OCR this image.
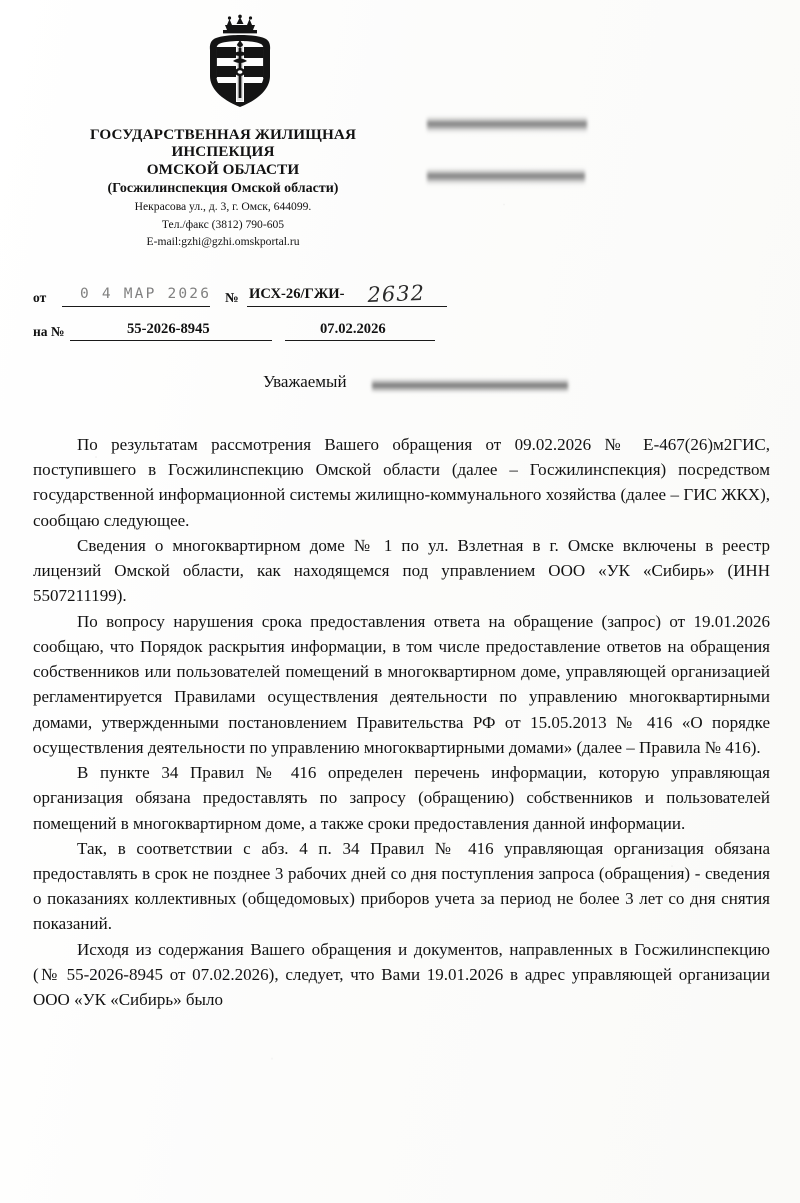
ГОСУДАРСТВЕННАЯ ЖИЛИЩНАЯ
ИНСПЕКЦИЯ
ОМСКОЙ ОБЛАСТИ
(Госжилинспекция Омской области)
Некрасова ул., д. 3, г. Омск, 644099.
Тел./факс (3812) 790-605
E-mail:gzhi@gzhi.omskportal.ru
от 0 4 МАР 2026 № ИСХ-26/ГЖИ- 2632
на №	55-2026-8945	07.02.2026
Уважаемый

По результатам рассмотрения Вашего обращения от 09.02.2026 № Е-467(26)м2ГИС, поступившего в Госжилинспекцию Омской области (далее – Госжилинспекция) посредством государственной информационной системы жилищно-коммунального хозяйства (далее – ГИС ЖКХ), сообщаю следующее.

Сведения о многоквартирном доме № 1 по ул. Взлетная в г. Омске включены в реестр лицензий Омской области, как находящемся под управлением ООО «УК «Сибирь» (ИНН 5507211199).

По вопросу нарушения срока предоставления ответа на обращение (запрос) от 19.01.2026 сообщаю, что Порядок раскрытия информации, в том числе предоставление ответов на обращения собственников или пользователей помещений в многоквартирном доме, управляющей организацией регламентируется Правилами осуществления деятельности по управлению многоквартирными домами, утвержденными постановлением Правительства РФ от 15.05.2013 № 416 «О порядке осуществления деятельности по управлению многоквартирными домами» (далее – Правила № 416).

В пункте 34 Правил № 416 определен перечень информации, которую управляющая организация обязана предоставлять по запросу (обращению) собственников и пользователей помещений в многоквартирном доме, а также сроки предоставления данной информации.

Так, в соответствии с абз. 4 п. 34 Правил № 416 управляющая организация обязана предоставлять в срок не позднее 3 рабочих дней со дня поступления запроса (обращения) - сведения о показаниях коллективных (общедомовых) приборов учета за период не более 3 лет со дня снятия показаний.

Исходя из содержания Вашего обращения и документов, направленных в Госжилинспекцию (№ 55-2026-8945 от 07.02.2026), следует, что Вами 19.01.2026 в адрес управляющей организации ООО «УК «Сибирь» было
